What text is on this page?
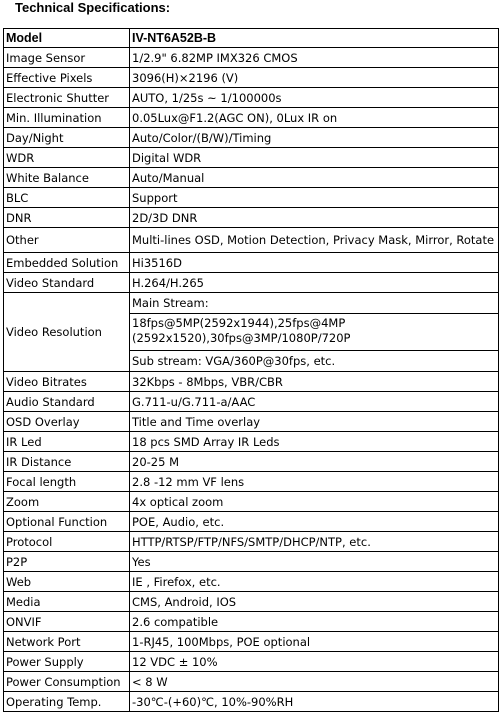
Technical Specifications:
Model	IV-NT6A52B-B
Image Sensor	1/2.9" 6.82MP IMX326 CMOS
Effective Pixels	3096(H)×2196 (V)
Electronic Shutter	AUTO, 1/25s ~ 1/100000s
Min. Illumination	0.05Lux@F1.2(AGC ON), 0Lux IR on
Day/Night	Auto/Color/(B/W)/Timing
WDR	Digital WDR
White Balance	Auto/Manual
BLC	Support
DNR	2D/3D DNR
Other	Multi-lines OSD, Motion Detection, Privacy Mask, Mirror, Rotate
Embedded Solution	Hi3516D
Video Standard	H.264/H.265
Video Resolution	Main Stream:
18fps@5MP(2592x1944),25fps@4MP (2592x1520),30fps@3MP/1080P/720P
Sub stream: VGA/360P@30fps, etc.

Video Bitrates	32Kbps - 8Mbps, VBR/CBR
Audio Standard	G.711-u/G.711-a/AAC
OSD Overlay	Title and Time overlay
IR Led	18 pcs SMD Array IR Leds
IR Distance	20-25 M
Focal length	2.8 -12 mm VF lens
Zoom	4x optical zoom
Optional Function	POE, Audio, etc.
Protocol	HTTP/RTSP/FTP/NFS/SMTP/DHCP/NTP, etc.
P2P	Yes
Web	IE , Firefox, etc.
Media	CMS, Android, IOS
ONVIF	2.6 compatible
Network Port	1-RJ45, 100Mbps, POE optional
Power Supply	12 VDC ± 10%
Power Consumption	< 8 W
Operating Temp.	-30℃-(+60)℃, 10%-90%RH
